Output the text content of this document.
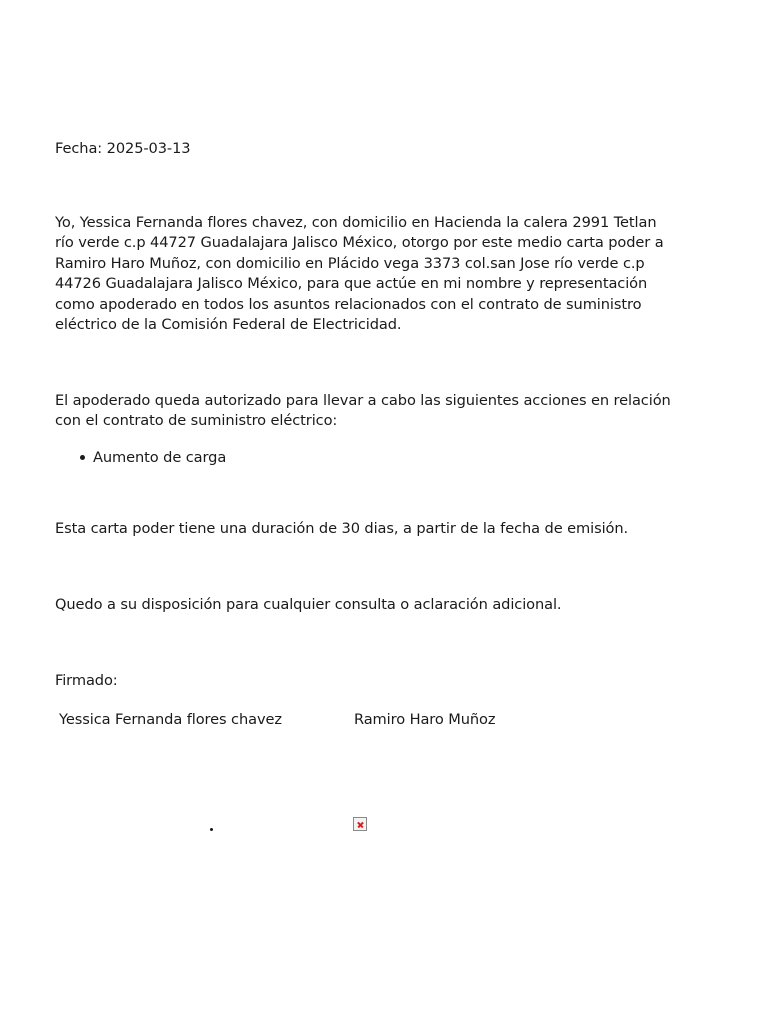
Fecha: 2025-03-13
Yo, Yessica Fernanda flores chavez, con domicilio en Hacienda la calera 2991 Tetlan
río verde c.p 44727 Guadalajara Jalisco México, otorgo por este medio carta poder a
Ramiro Haro Muñoz, con domicilio en Plácido vega 3373 col.san Jose río verde c.p
44726 Guadalajara Jalisco México, para que actúe en mi nombre y representación
como apoderado en todos los asuntos relacionados con el contrato de suministro
eléctrico de la Comisión Federal de Electricidad.
El apoderado queda autorizado para llevar a cabo las siguientes acciones en relación
con el contrato de suministro eléctrico:
Aumento de carga
Esta carta poder tiene una duración de 30 dias, a partir de la fecha de emisión.
Quedo a su disposición para cualquier consulta o aclaración adicional.
Firmado:
Yessica Fernanda flores chavez	Ramiro Haro Muñoz
